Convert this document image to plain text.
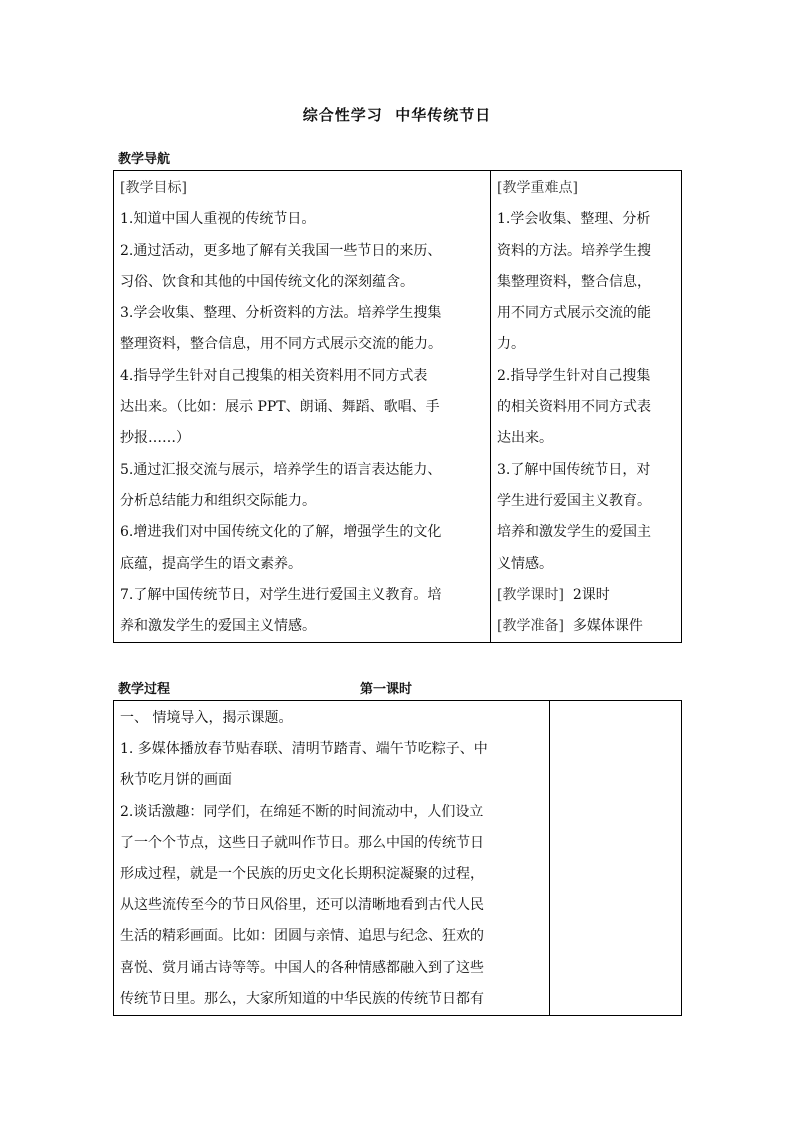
综合性学习  中华传统节日
教学导航
[教学目标]
1.知道中国人重视的传统节日。
2.通过活动，更多地了解有关我国一些节日的来历、
习俗、饮食和其他的中国传统文化的深刻蕴含。
3.学会收集、整理、分析资料的方法。培养学生搜集
整理资料，整合信息，用不同方式展示交流的能力。
4.指导学生针对自己搜集的相关资料用不同方式表
达出来。（比如：展示 PPT、朗诵、舞蹈、歌唱、手
抄报……）
5.通过汇报交流与展示，培养学生的语言表达能力、
分析总结能力和组织交际能力。
6.增进我们对中国传统文化的了解，增强学生的文化
底蕴，提高学生的语文素养。
7.了解中国传统节日，对学生进行爱国主义教育。培
养和激发学生的爱国主义情感。

[教学重难点]
1.学会收集、整理、分析
资料的方法。培养学生搜
集整理资料，整合信息，
用不同方式展示交流的能
力。
2.指导学生针对自己搜集
的相关资料用不同方式表
达出来。
3.了解中国传统节日，对
学生进行爱国主义教育。
培养和激发学生的爱国主
义情感。
[教学课时] 2课时
[教学准备] 多媒体课件
教学过程	第一课时
一、 情境导入，揭示课题。
1. 多媒体播放春节贴春联、清明节踏青、端午节吃粽子、中
秋节吃月饼的画面
2.谈话激趣：同学们，在绵延不断的时间流动中，人们设立
了一个个节点，这些日子就叫作节日。那么中国的传统节日
形成过程，就是一个民族的历史文化长期积淀凝聚的过程，
从这些流传至今的节日风俗里，还可以清晰地看到古代人民
生活的精彩画面。比如：团圆与亲情、追思与纪念、狂欢的
喜悦、赏月诵古诗等等。中国人的各种情感都融入到了这些
传统节日里。那么，大家所知道的中华民族的传统节日都有
